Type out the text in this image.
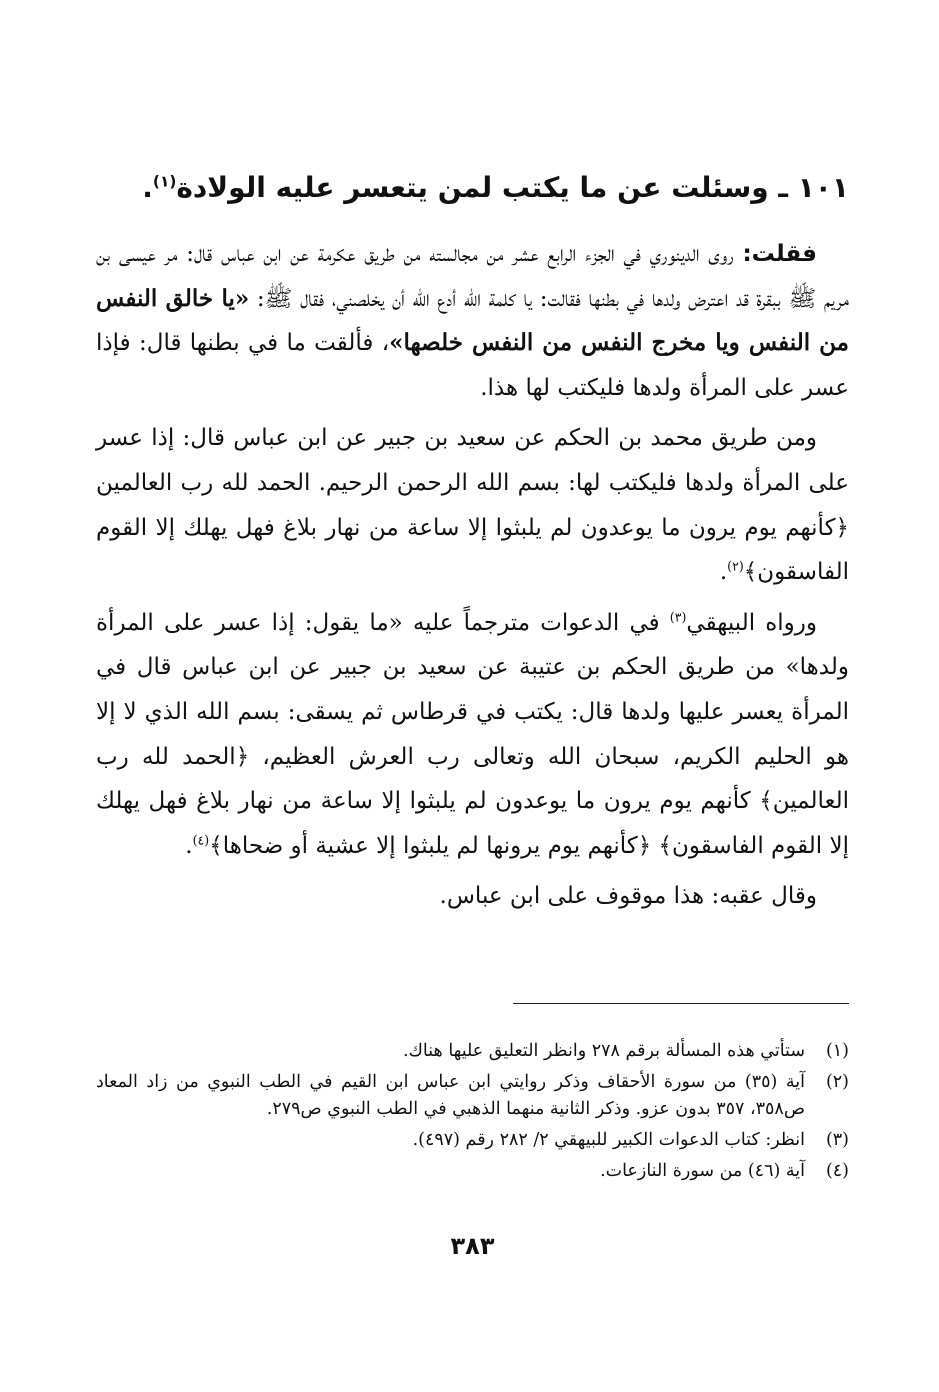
١٠١ ـ وسئلت عن ما يكتب لمن يتعسر عليه الولادة$^{(١)}$.

فقلت: روى الدينوري في الجزء الرابع عشر من مجالسته من طريق عكرمة عن ابن عباس قال: مر عيسى بن مريم ﷺ ببقرة قد اعترض ولدها في بطنها فقالت: يا كلمة الله أدع الله أن يخلصني، فقال ﷺ: «يا خالق النفس من النفس ويا مخرج النفس من النفس خلصها»، فألقت ما في بطنها قال: فإذا عسر على المرأة ولدها فليكتب لها هذا.

ومن طريق محمد بن الحكم عن سعيد بن جبير عن ابن عباس قال: إذا عسر على المرأة ولدها فليكتب لها: بسم الله الرحمن الرحيم. الحمد لله رب العالمين ﴿كأنهم يوم يرون ما يوعدون لم يلبثوا إلا ساعة من نهار بلاغ فهل يهلك إلا القوم الفاسقون﴾$^{(٢)}$.

ورواه البيهقي$^{(٣)}$ في الدعوات مترجماً عليه «ما يقول: إذا عسر على المرأة ولدها» من طريق الحكم بن عتيبة عن سعيد بن جبير عن ابن عباس قال في المرأة يعسر عليها ولدها قال: يكتب في قرطاس ثم يسقى: بسم الله الذي لا إلا هو الحليم الكريم، سبحان الله وتعالى رب العرش العظيم، ﴿الحمد لله رب العالمين﴾ كأنهم يوم يرون ما يوعدون لم يلبثوا إلا ساعة من نهار بلاغ فهل يهلك إلا القوم الفاسقون﴾ ﴿كأنهم يوم يرونها لم يلبثوا إلا عشية أو ضحاها﴾$^{(٤)}$.

وقال عقبه: هذا موقوف على ابن عباس.

(١)
ستأتي هذه المسألة برقم ٢٧٨ وانظر التعليق عليها هناك.
(٢)
آية (٣٥) من سورة الأحقاف وذكر روايتي ابن عباس ابن القيم في الطب النبوي من زاد المعاد ص٣٥٨، ٣٥٧ بدون عزو. وذكر الثانية منهما الذهبي في الطب النبوي ص٢٧٩.
(٣)
انظر: كتاب الدعوات الكبير للبيهقي ٢/ ٢٨٢ رقم (٤٩٧).
(٤)
آية (٤٦) من سورة النازعات.
٣٨٣
